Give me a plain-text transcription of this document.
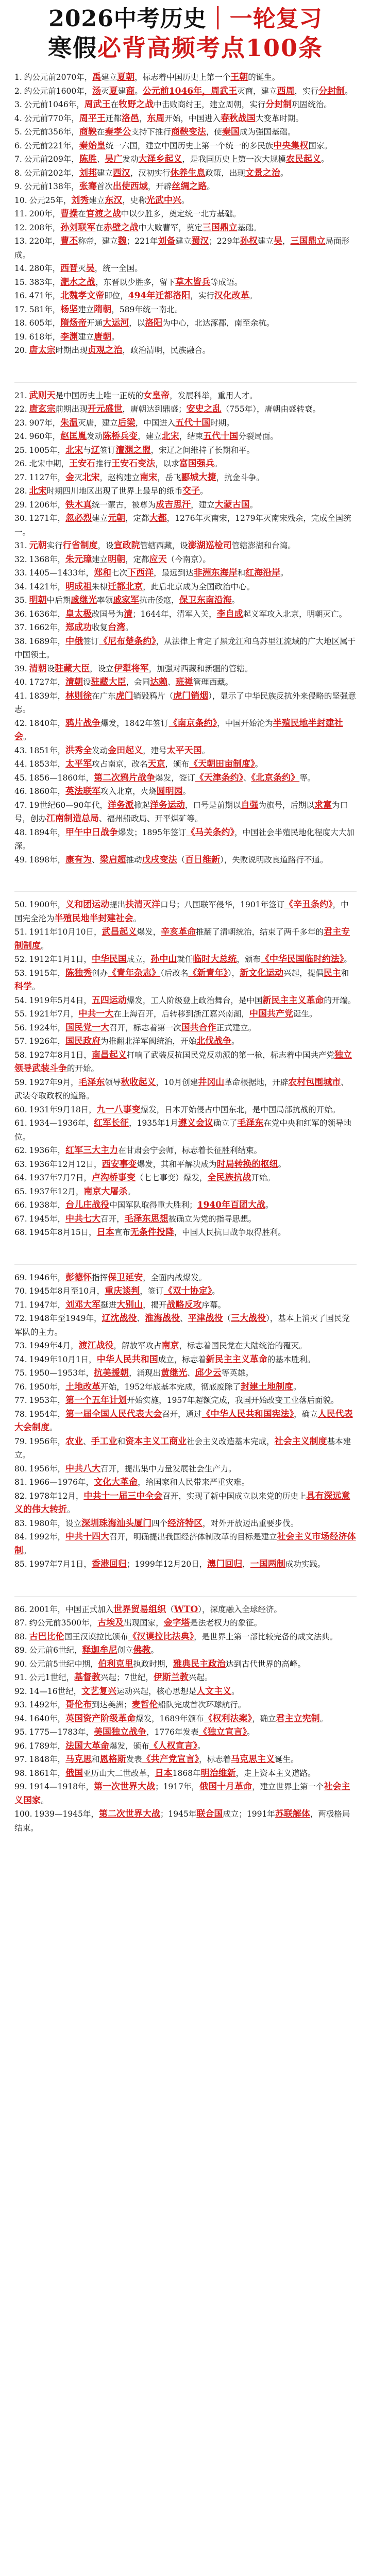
2026中考历史｜一轮复习
寒假必背高频考点100条

1. 约公元前2070年，禹建立夏朝，标志着中国历史上第一个王朝的诞生。

2. 约公元前1600年，汤灭夏建商。公元前1046年，周武王灭商，建立西周，实行分封制。

3. 公元前1046年，周武王在牧野之战中击败商纣王，建立周朝，实行分封制巩固统治。

4. 公元前770年，周平王迁都洛邑，东周开始，中国进入春秋战国大变革时期。

5. 公元前356年，商鞅在秦孝公支持下推行商鞅变法，使秦国成为强国基础。

6. 公元前221年，秦始皇统一六国，建立中国历史上第一个统一的多民族中央集权国家。

7. 公元前209年，陈胜、吴广发动大泽乡起义，是我国历史上第一次大规模农民起义。

8. 公元前202年，刘邦建立西汉，汉初实行休养生息政策，出现文景之治。

9. 公元前138年，张骞首次出使西域，开辟丝绸之路。

10. 公元25年，刘秀建立东汉，史称光武中兴。

11. 200年，曹操在官渡之战中以少胜多，奠定统一北方基础。

12. 208年，孙刘联军在赤壁之战中大败曹军，奠定三国鼎立基础。

13. 220年，曹丕称帝，建立魏；221年刘备建立蜀汉；229年孙权建立吴，三国鼎立局面形成。

14. 280年，西晋灭吴，统一全国。

15. 383年，淝水之战，东晋以少胜多，留下草木皆兵等成语。

16. 471年，北魏孝文帝即位，494年迁都洛阳，实行汉化改革。

17. 581年，杨坚建立隋朝，589年统一南北。

18. 605年，隋炀帝开通大运河，以洛阳为中心，北达涿郡，南至余杭。

19. 618年，李渊建立唐朝。

20. 唐太宗时期出现贞观之治，政治清明，民族融合。

21. 武则天是中国历史上唯一正统的女皇帝，发展科举，重用人才。

22. 唐玄宗前期出现开元盛世，唐朝达到鼎盛；安史之乱（755年），唐朝由盛转衰。

23. 907年，朱温灭唐，建立后梁，中国进入五代十国时期。

24. 960年，赵匡胤发动陈桥兵变，建立北宋，结束五代十国分裂局面。

25. 1005年，北宋与辽签订澶渊之盟，宋辽之间维持了长期和平。

26. 北宋中期，王安石推行王安石变法，以求富国强兵。

27. 1127年，金灭北宋，赵构建立南宋，岳飞郾城大捷，抗金斗争。

28. 北宋时期四川地区出现了世界上最早的纸币交子。

29. 1206年，铁木真统一蒙古，被尊为成吉思汗，建立大蒙古国。

30. 1271年，忽必烈建立元朝，定都大都，1276年灭南宋，1279年灭南宋残余，完成全国统一。

31. 元朝实行行省制度，设宣政院管辖西藏，设澎湖巡检司管辖澎湖和台湾。

32. 1368年，朱元璋建立明朝，定都应天（今南京）。

33. 1405—1433年，郑和七次下西洋，最远到达非洲东海岸和红海沿岸。

34. 1421年，明成祖朱棣迁都北京，此后北京成为全国政治中心。

35. 明朝中后期戚继光率领戚家军抗击倭寇，保卫东南沿海。

36. 1636年，皇太极改国号为清；1644年，清军入关，李自成起义军攻入北京，明朝灭亡。

37. 1662年，郑成功收复台湾。

38. 1689年，中俄签订《尼布楚条约》，从法律上肯定了黑龙江和乌苏里江流域的广大地区属于中国领土。

39. 清朝设驻藏大臣，设立伊犁将军，加强对西藏和新疆的管辖。

40. 1727年，清朝设驻藏大臣，会同达赖、班禅管理西藏。

41. 1839年，林则徐在广东虎门销毁鸦片（虎门销烟），显示了中华民族反抗外来侵略的坚强意志。

42. 1840年，鸦片战争爆发，1842年签订《南京条约》，中国开始沦为半殖民地半封建社会。

43. 1851年，洪秀全发动金田起义，建号太平天国。

44. 1853年，太平军攻占南京，改名天京，颁布《天朝田亩制度》。

45. 1856—1860年，第二次鸦片战争爆发，签订《天津条约》、《北京条约》等。

46. 1860年，英法联军攻入北京，火烧圆明园。

47. 19世纪60—90年代，洋务派掀起洋务运动，口号是前期以自强为旗号，后期以求富为口号，创办江南制造总局、福州船政局、开平煤矿等。

48. 1894年，甲午中日战争爆发；1895年签订《马关条约》，中国社会半殖民地化程度大大加深。

49. 1898年，康有为、梁启超推动戊戌变法（百日维新），失败说明改良道路行不通。

50. 1900年，义和团运动提出扶清灭洋口号；八国联军侵华，1901年签订《辛丑条约》，中国完全沦为半殖民地半封建社会。

51. 1911年10月10日，武昌起义爆发，辛亥革命推翻了清朝统治，结束了两千多年的君主专制制度。

52. 1912年1月1日，中华民国成立，孙中山就任临时大总统，颁布《中华民国临时约法》。

53. 1915年，陈独秀创办《青年杂志》（后改名《新青年》），新文化运动兴起，提倡民主和科学。

54. 1919年5月4日，五四运动爆发，工人阶级登上政治舞台，是中国新民主主义革命的开端。

55. 1921年7月，中共一大在上海召开，后转移到浙江嘉兴南湖，中国共产党诞生。

56. 1924年，国民党一大召开，标志着第一次国共合作正式建立。

57. 1926年，国民政府为推翻北洋军阀统治，开始北伐战争。

58. 1927年8月1日，南昌起义打响了武装反抗国民党反动派的第一枪，标志着中国共产党独立领导武装斗争的开始。

59. 1927年9月，毛泽东领导秋收起义，10月创建井冈山革命根据地，开辟农村包围城市、武装夺取政权的道路。

60. 1931年9月18日，九一八事变爆发，日本开始侵占中国东北，是中国局部抗战的开始。

61. 1934—1936年，红军长征，1935年1月遵义会议确立了毛泽东在党中央和红军的领导地位。

62. 1936年，红军三大主力在甘肃会宁会师，标志着长征胜利结束。

63. 1936年12月12日，西安事变爆发，其和平解决成为时局转换的枢纽。

64. 1937年7月7日，卢沟桥事变（七七事变）爆发，全民族抗战开始。

65. 1937年12月，南京大屠杀。

66. 1938年，台儿庄战役中国军队取得重大胜利；1940年百团大战。

67. 1945年，中共七大召开，毛泽东思想被确立为党的指导思想。

68. 1945年8月15日，日本宣布无条件投降，中国人民抗日战争取得胜利。

69. 1946年，彭德怀指挥保卫延安，全面内战爆发。

70. 1945年8月至10月，重庆谈判，签订《双十协定》。

71. 1947年，刘邓大军挺进大别山，揭开战略反攻序幕。

72. 1948年至1949年，辽沈战役、淮海战役、平津战役（三大战役），基本上消灭了国民党军队的主力。

73. 1949年4月，渡江战役，解放军攻占南京，标志着国民党在大陆统治的覆灭。

74. 1949年10月1日，中华人民共和国成立，标志着新民主主义革命的基本胜利。

75. 1950—1953年，抗美援朝，涌现出黄继光、邱少云等英雄。

76. 1950年，土地改革开始，1952年底基本完成，彻底废除了封建土地制度。

77. 1953年，第一个五年计划开始实施，1957年超额完成，我国开始改变工业落后面貌。

78. 1954年，第一届全国人民代表大会召开，通过《中华人民共和国宪法》，确立人民代表大会制度。

79. 1956年，农业、手工业和资本主义工商业社会主义改造基本完成，社会主义制度基本建立。

80. 1956年，中共八大召开，提出集中力量发展社会生产力。

81. 1966—1976年，文化大革命，给国家和人民带来严重灾难。

82. 1978年12月，中共十一届三中全会召开，实现了新中国成立以来党的历史上具有深远意义的伟大转折。

83. 1980年，设立深圳珠海汕头厦门四个经济特区，对外开放迈出重要步伐。

84. 1992年，中共十四大召开，明确提出我国经济体制改革的目标是建立社会主义市场经济体制。

85. 1997年7月1日，香港回归；1999年12月20日，澳门回归，一国两制成功实践。

86. 2001年，中国正式加入世界贸易组织（WTO），深度融入全球经济。

87. 约公元前3500年，古埃及出现国家，金字塔是法老权力的象征。

88. 古巴比伦国王汉谟拉比颁布《汉谟拉比法典》，是世界上第一部比较完备的成文法典。

89. 公元前6世纪，释迦牟尼创立佛教。

90. 公元前5世纪中期，伯利克里执政时期，雅典民主政治达到古代世界的高峰。

91. 公元1世纪，基督教兴起；7世纪，伊斯兰教兴起。

92. 14—16世纪，文艺复兴运动兴起，核心思想是人文主义。

93. 1492年，哥伦布到达美洲；麦哲伦船队完成首次环球航行。

94. 1640年，英国资产阶级革命爆发，1689年颁布《权利法案》，确立君主立宪制。

95. 1775—1783年，美国独立战争，1776年发表《独立宣言》。

96. 1789年，法国大革命爆发，颁布《人权宣言》。

97. 1848年，马克思和恩格斯发表《共产党宣言》，标志着马克思主义诞生。

98. 1861年，俄国亚历山大二世改革，日本1868年明治维新，走上资本主义道路。

99. 1914—1918年，第一次世界大战；1917年，俄国十月革命，建立世界上第一个社会主义国家。

100. 1939—1945年，第二次世界大战；1945年联合国成立；1991年苏联解体，两极格局结束。
